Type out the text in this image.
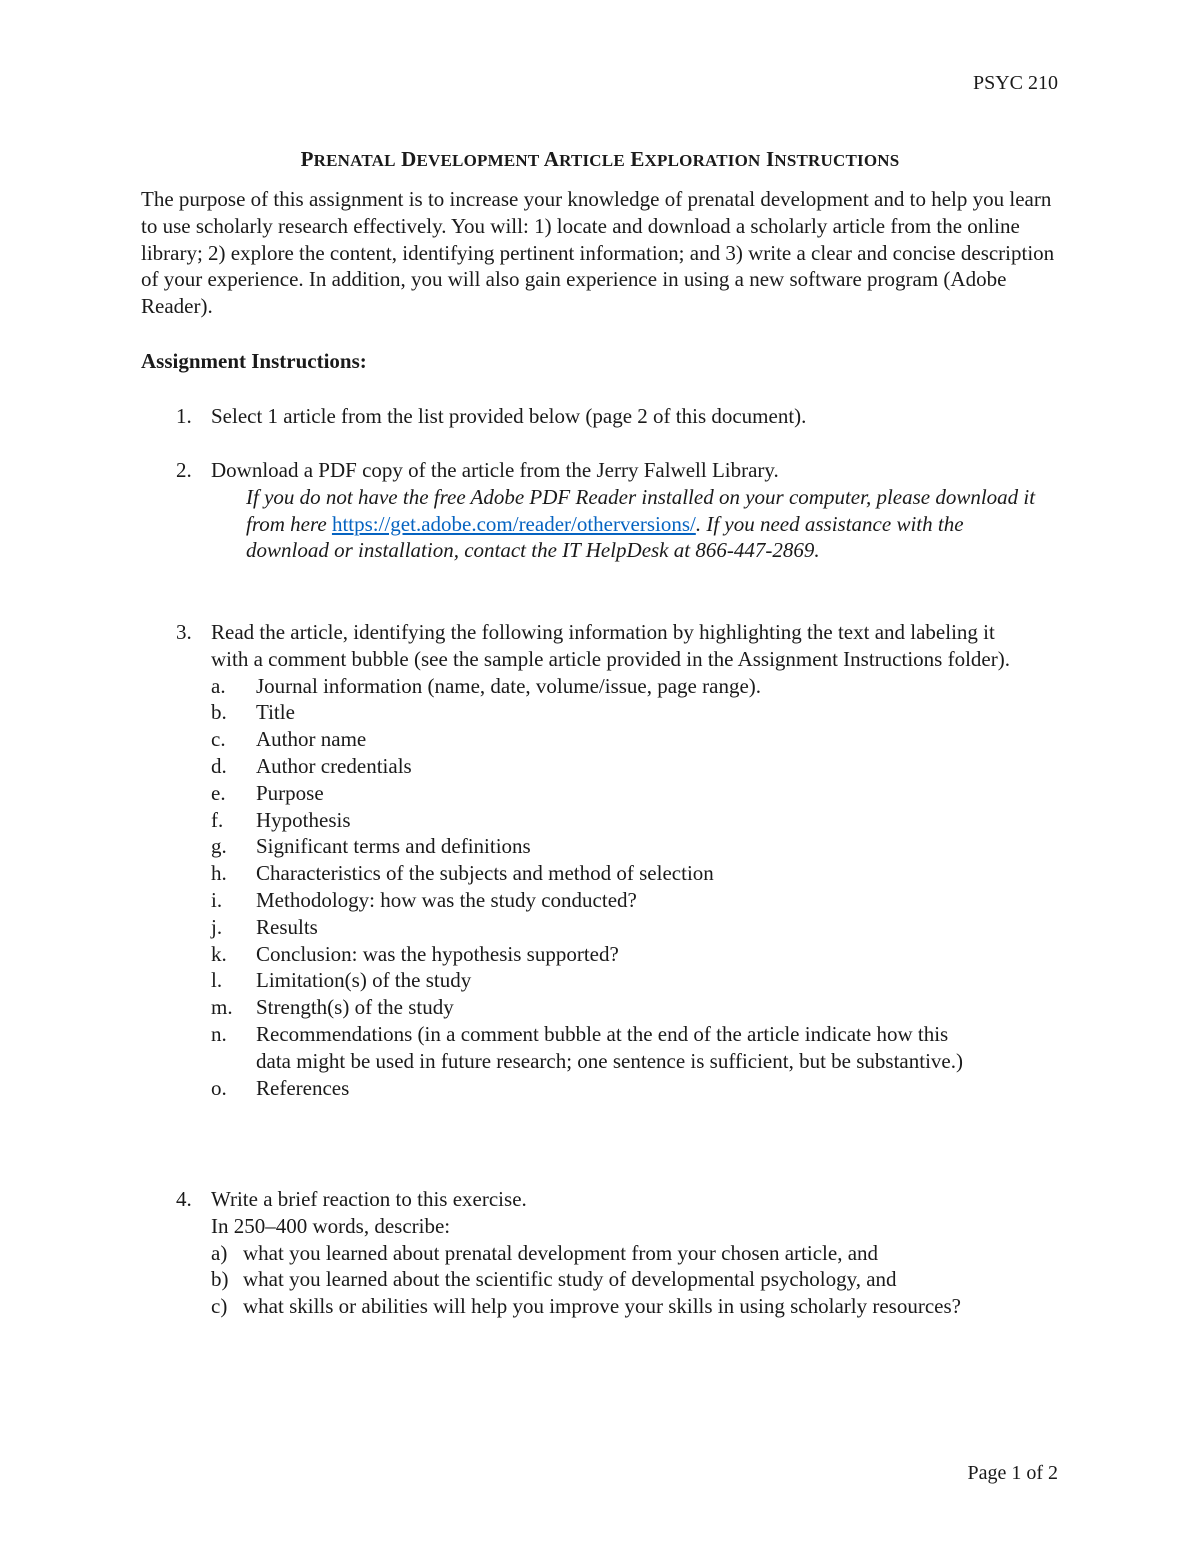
PSYC 210
PRENATAL DEVELOPMENT ARTICLE EXPLORATION INSTRUCTIONS

The purpose of this assignment is to increase your knowledge of prenatal development and to help you learn to use scholarly research effectively. You will: 1) locate and download a scholarly article from the online library; 2) explore the content, identifying pertinent information; and 3) write a clear and concise description of your experience. In addition, you will also gain experience in using a new software program (Adobe Reader).

Assignment Instructions:

1. Select 1 article from the list provided below (page 2 of this document).
2. Download a PDF copy of the article from the Jerry Falwell Library.
If you do not have the free Adobe PDF Reader installed on your computer, please download it from here https://get.adobe.com/reader/otherversions/. If you need assistance with the download or installation, contact the IT HelpDesk at 866-447-2869.
3. Read the article, identifying the following information by highlighting the text and labeling it with a comment bubble (see the sample article provided in the Assignment Instructions folder).
a. Journal information (name, date, volume/issue, page range).
b. Title
c. Author name
d. Author credentials
e. Purpose
f. Hypothesis
g. Significant terms and definitions
h. Characteristics of the subjects and method of selection
i. Methodology: how was the study conducted?
j. Results
k. Conclusion: was the hypothesis supported?
l. Limitation(s) of the study
m. Strength(s) of the study
n. Recommendations (in a comment bubble at the end of the article indicate how this data might be used in future research; one sentence is sufficient, but be substantive.)
o. References
4. Write a brief reaction to this exercise.
In 250–400 words, describe:
a) what you learned about prenatal development from your chosen article, and
b) what you learned about the scientific study of developmental psychology, and
c) what skills or abilities will help you improve your skills in using scholarly resources?
Page 1 of 2
